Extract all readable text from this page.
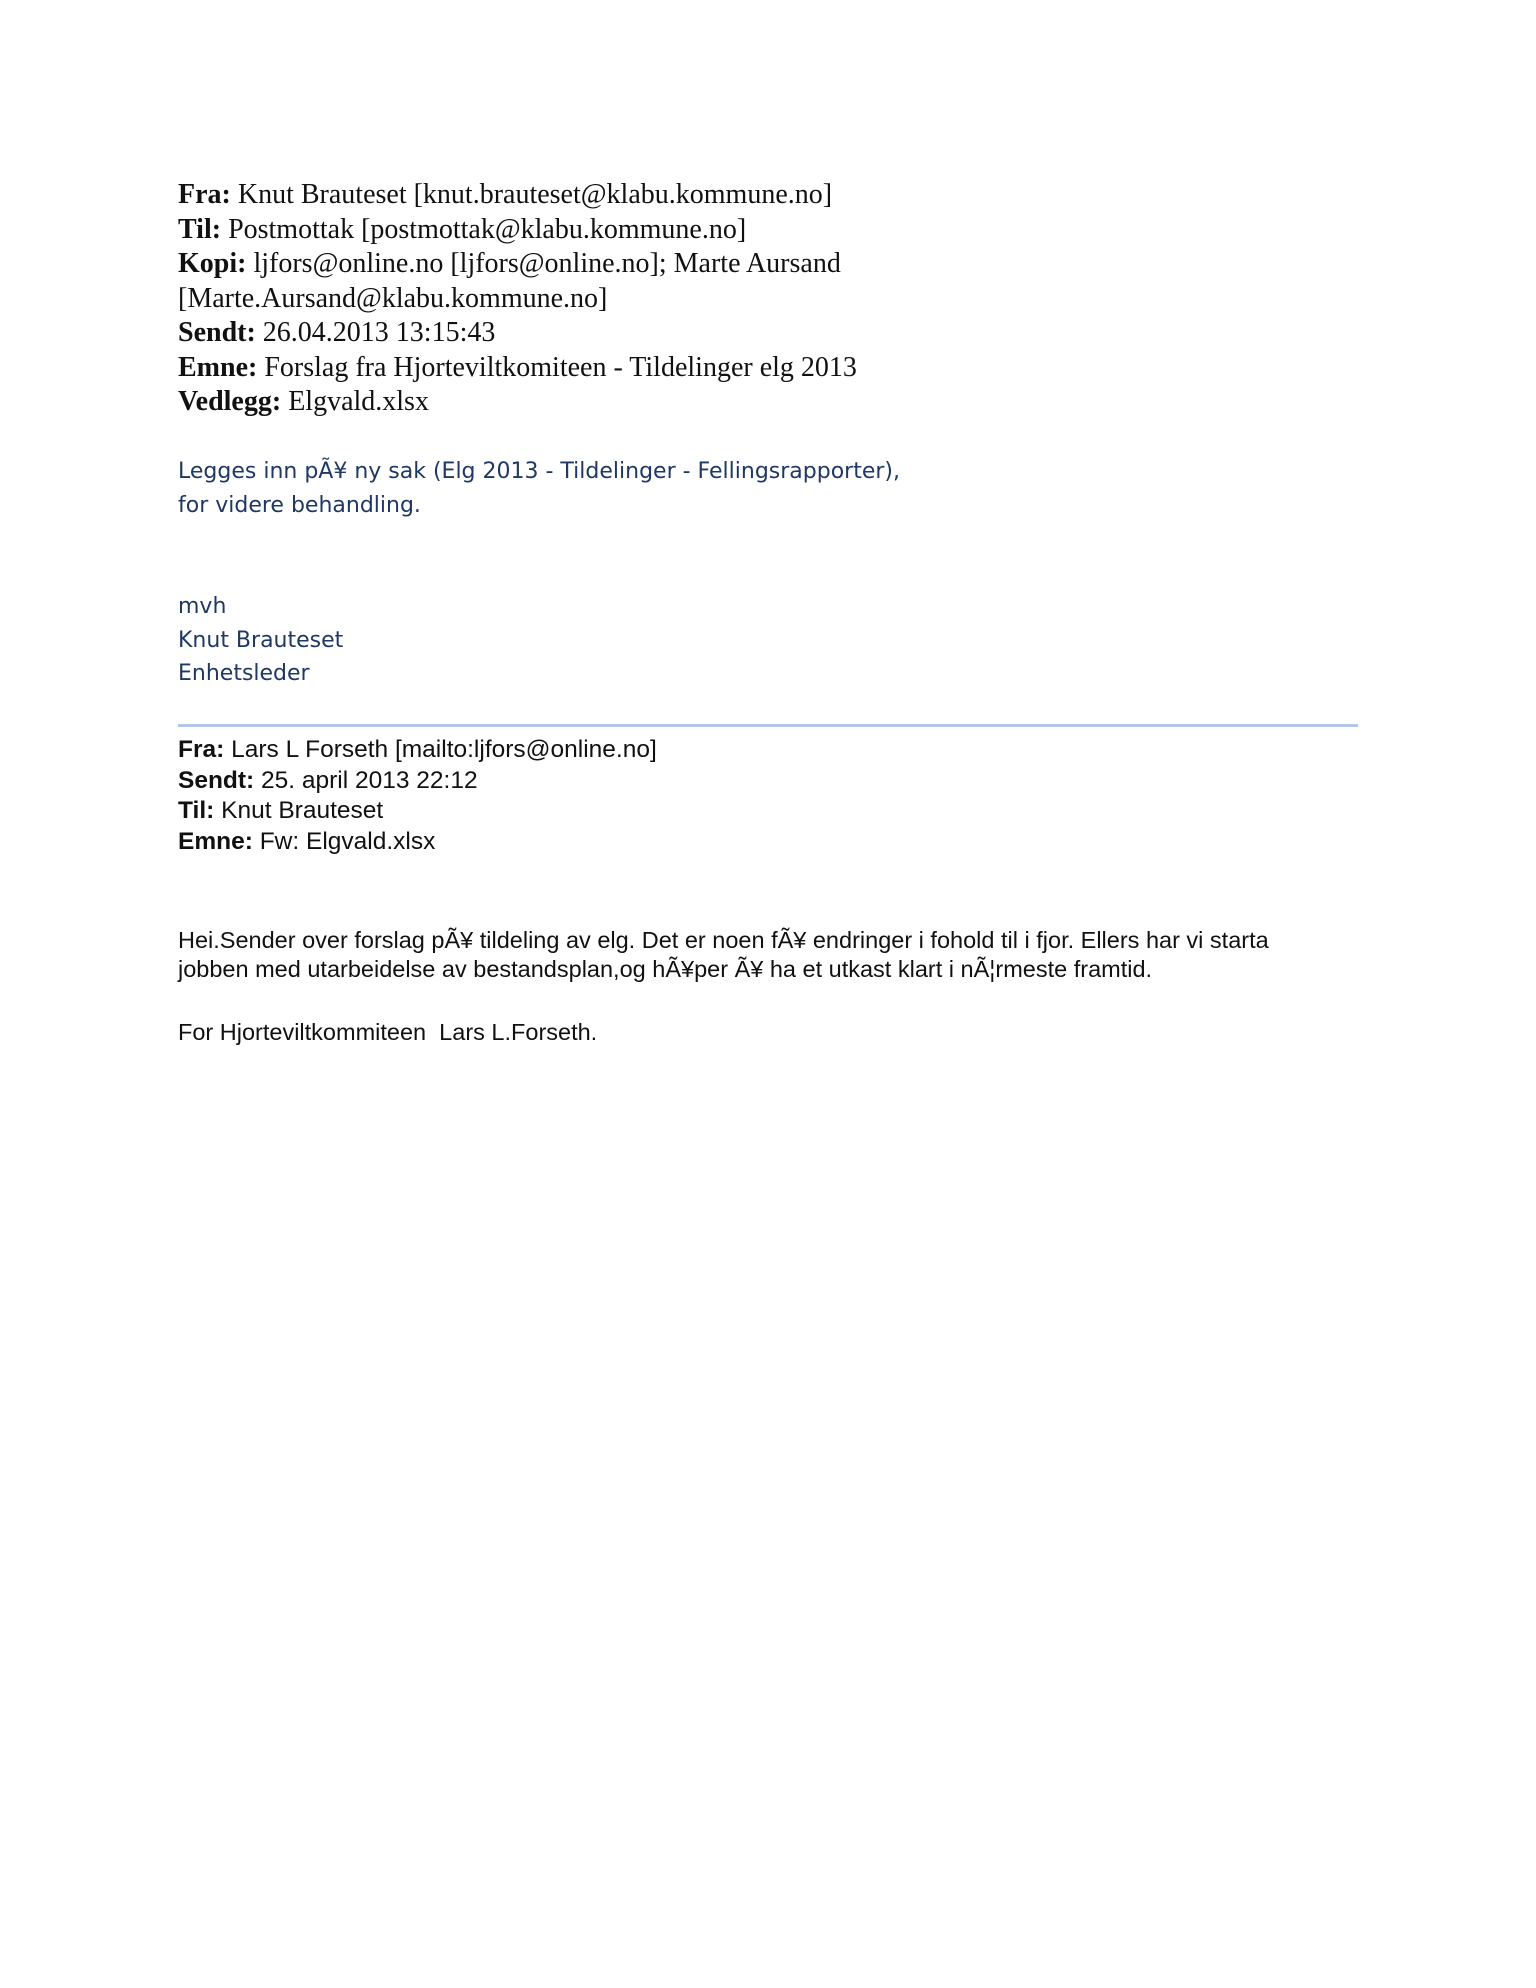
Fra: Knut Brauteset [knut.brauteset@klabu.kommune.no]
Til: Postmottak [postmottak@klabu.kommune.no]
Kopi: ljfors@online.no [ljfors@online.no]; Marte Aursand
[Marte.Aursand@klabu.kommune.no]
Sendt: 26.04.2013 13:15:43
Emne: Forslag fra Hjorteviltkomiteen - Tildelinger elg 2013
Vedlegg: Elgvald.xlsx
Legges inn pÃ¥ ny sak (Elg 2013 - Tildelinger - Fellingsrapporter),
for videre behandling.
mvh
Knut Brauteset
Enhetsleder
Fra: Lars L Forseth [mailto:ljfors@online.no]
Sendt: 25. april 2013 22:12
Til: Knut Brauteset
Emne: Fw: Elgvald.xlsx
Hei.Sender over forslag pÃ¥ tildeling av elg. Det er noen fÃ¥ endringer i fohold til i fjor. Ellers har vi starta
jobben med utarbeidelse av bestandsplan,og hÃ¥per Ã¥ ha et utkast klart i nÃ¦rmeste framtid.
For Hjorteviltkommiteen  Lars L.Forseth.
